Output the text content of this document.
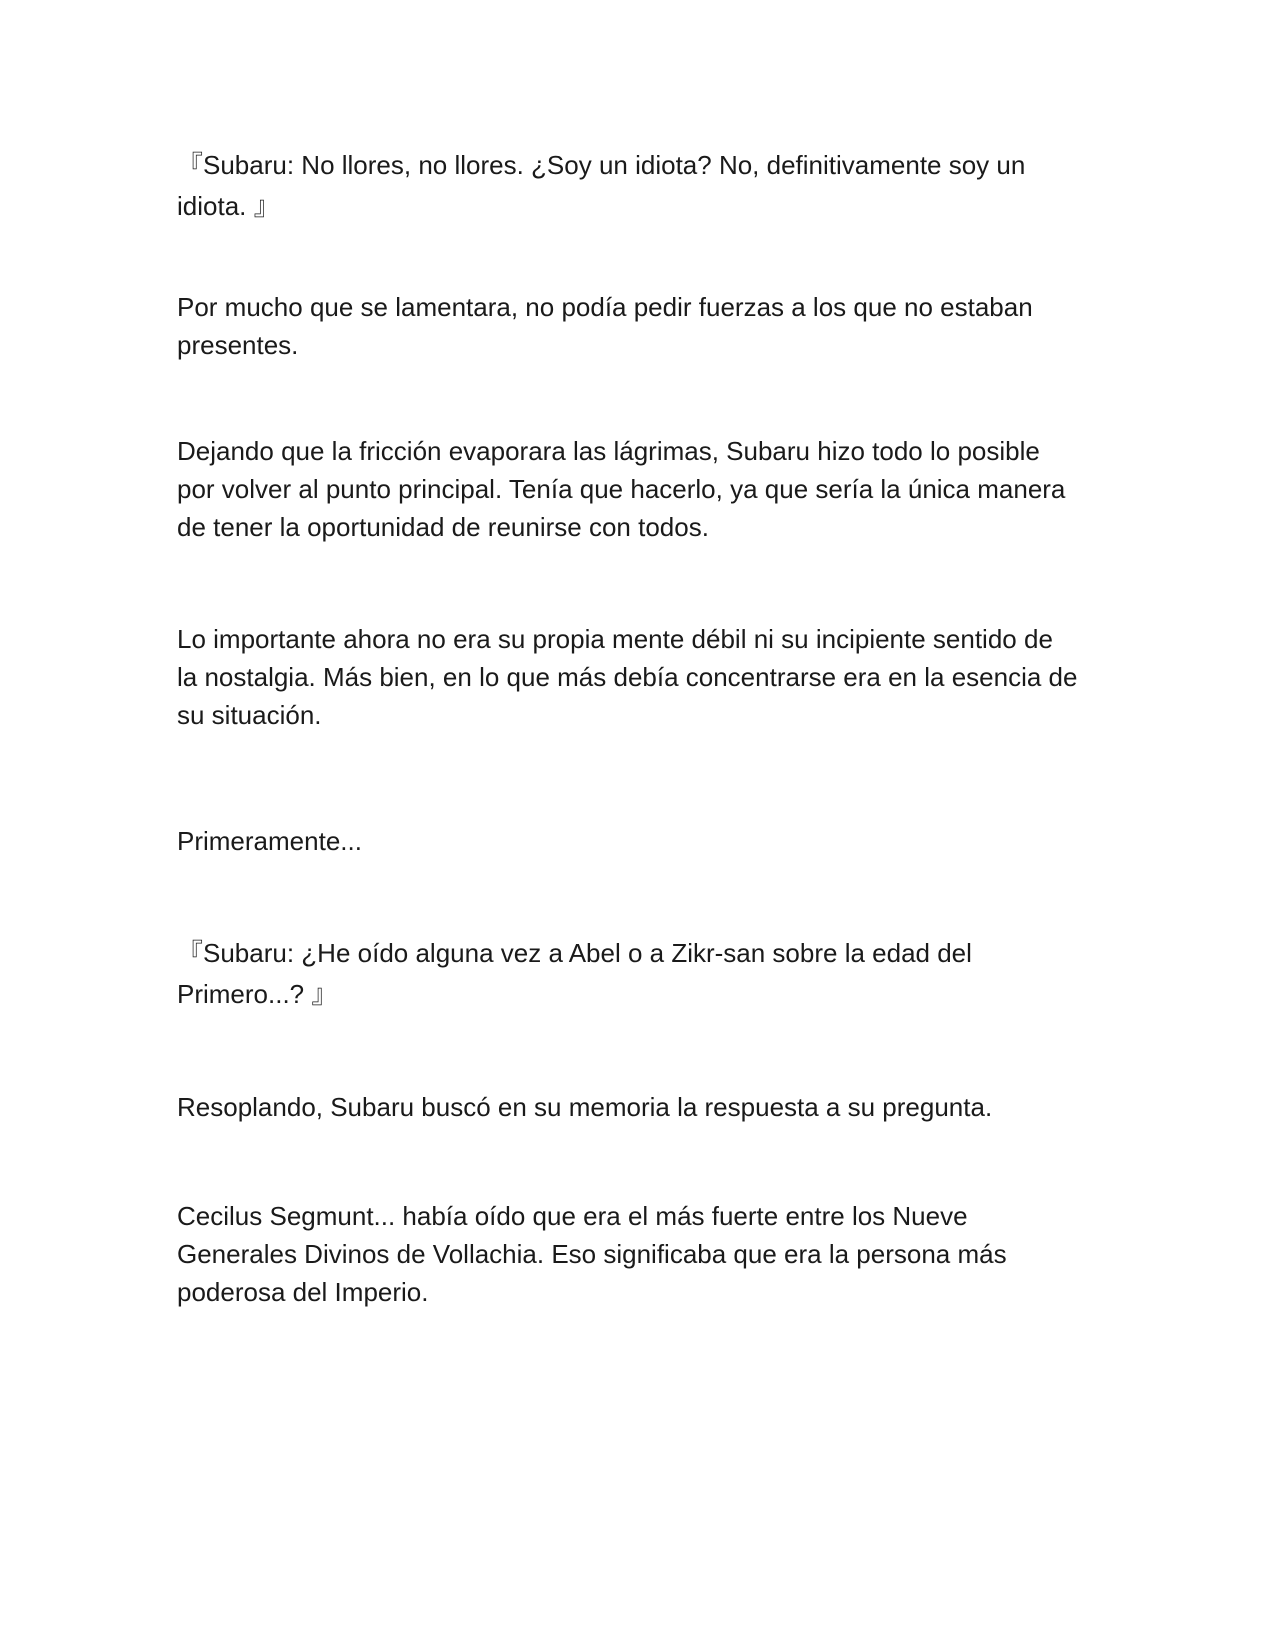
『Subaru: No llores, no llores. ¿Soy un idiota? No, definitivamente soy un
idiota. 』

Por mucho que se lamentara, no podía pedir fuerzas a los que no estaban
presentes.

Dejando que la fricción evaporara las lágrimas, Subaru hizo todo lo posible
por volver al punto principal. Tenía que hacerlo, ya que sería la única manera
de tener la oportunidad de reunirse con todos.

Lo importante ahora no era su propia mente débil ni su incipiente sentido de
la nostalgia. Más bien, en lo que más debía concentrarse era en la esencia de
su situación.

Primeramente...

『Subaru: ¿He oído alguna vez a Abel o a Zikr-san sobre la edad del
Primero...? 』

Resoplando, Subaru buscó en su memoria la respuesta a su pregunta.

Cecilus Segmunt... había oído que era el más fuerte entre los Nueve
Generales Divinos de Vollachia. Eso significaba que era la persona más
poderosa del Imperio.
